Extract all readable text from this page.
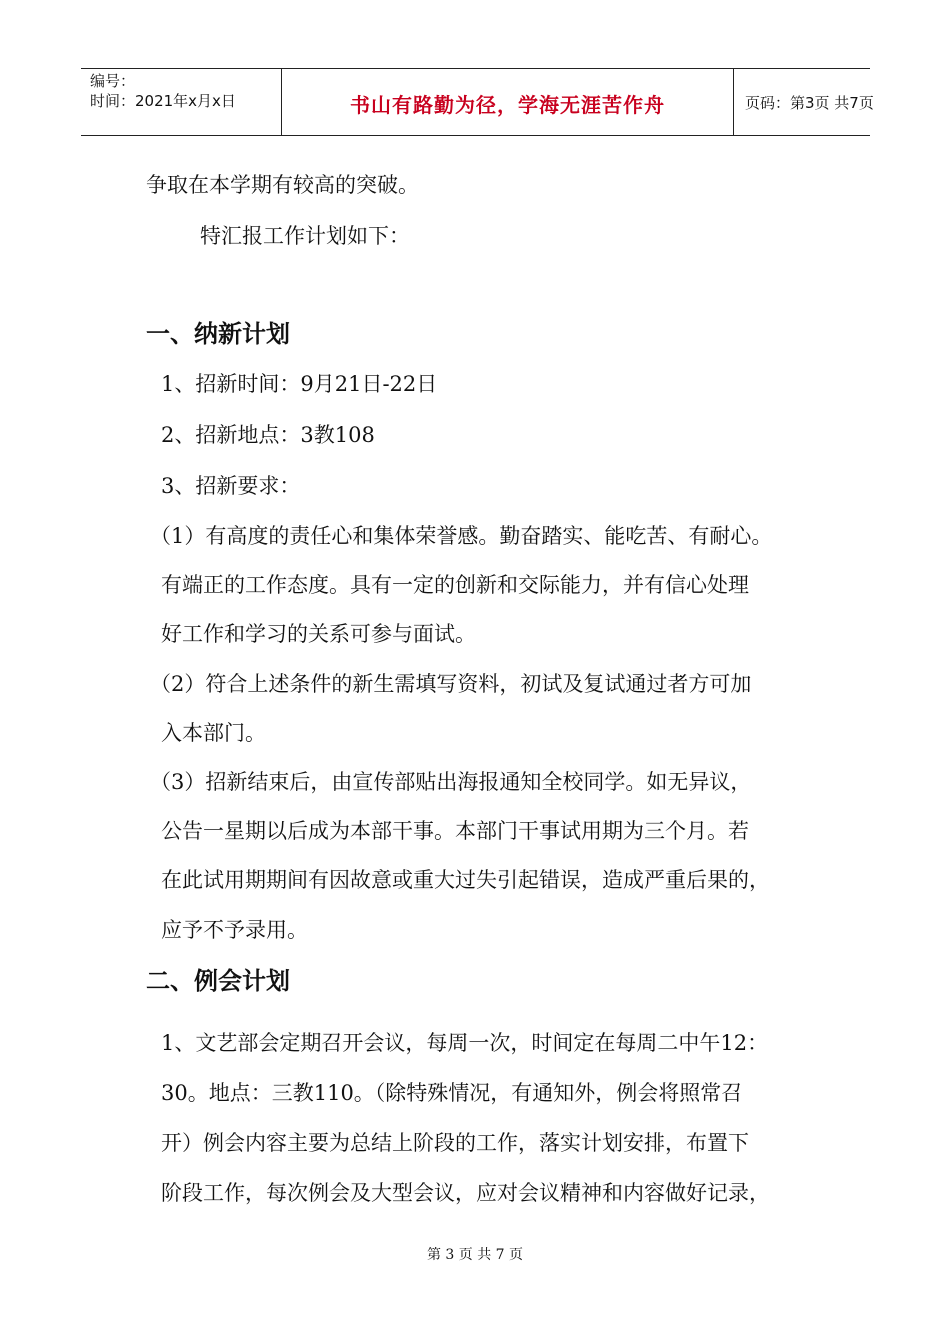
编号：
时间：2021年x月x日	书山有路勤为径，学海无涯苦作舟	页码：第3页 共7页
争取在本学期有较高的突破。
特汇报工作计划如下：
一、纳新计划
1、招新时间：9月21日-22日
2、招新地点：3教108
3、招新要求：
（1）有高度的责任心和集体荣誉感。勤奋踏实、能吃苦、有耐心。
有端正的工作态度。具有一定的创新和交际能力，并有信心处理
好工作和学习的关系可参与面试。
（2）符合上述条件的新生需填写资料，初试及复试通过者方可加
入本部门。
（3）招新结束后，由宣传部贴出海报通知全校同学。如无异议，
公告一星期以后成为本部干事。本部门干事试用期为三个月。若
在此试用期期间有因故意或重大过失引起错误，造成严重后果的，
应予不予录用。
二、例会计划
1、文艺部会定期召开会议，每周一次，时间定在每周二中午12：
30。地点：三教110。（除特殊情况，有通知外，例会将照常召
开）例会内容主要为总结上阶段的工作，落实计划安排，布置下
阶段工作，每次例会及大型会议，应对会议精神和内容做好记录，
第 3 页 共 7 页
